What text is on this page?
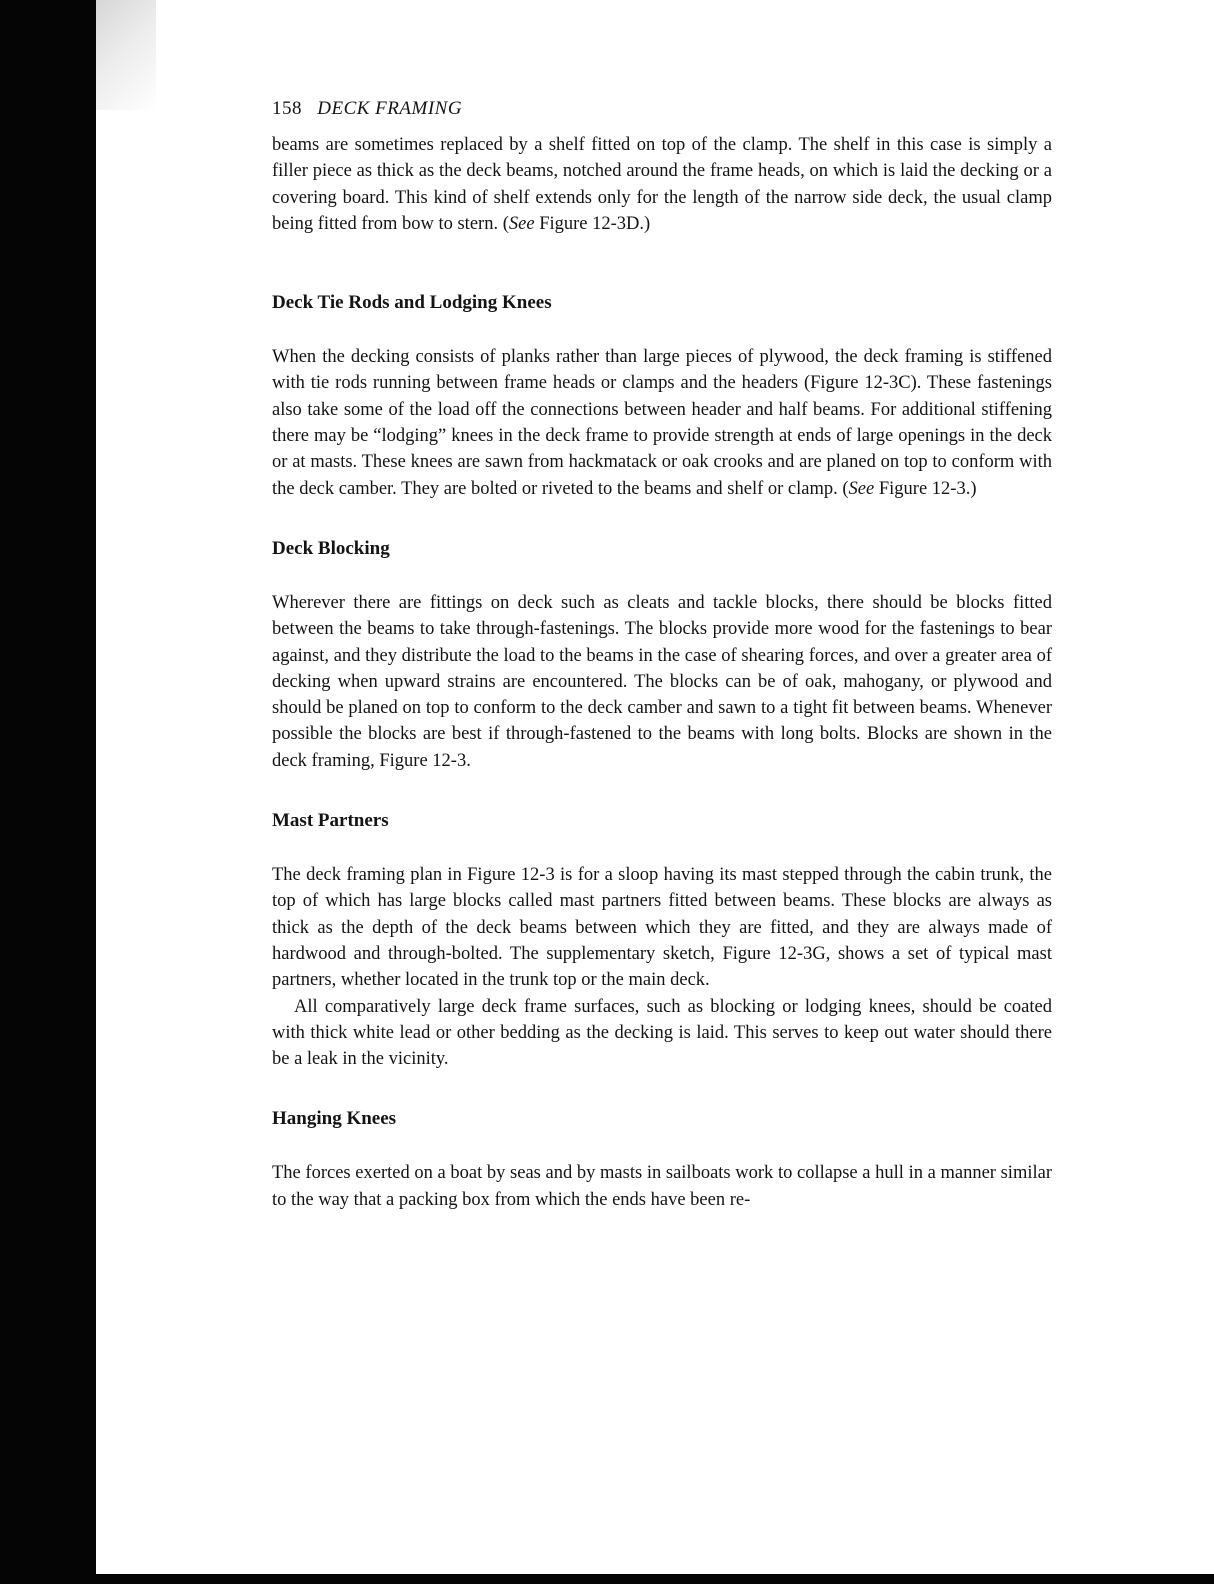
158 DECK FRAMING

beams are sometimes replaced by a shelf fitted on top of the clamp. The shelf in this case is simply a filler piece as thick as the deck beams, notched around the frame heads, on which is laid the decking or a covering board. This kind of shelf extends only for the length of the narrow side deck, the usual clamp being fitted from bow to stern. (See Figure 12-3D.)

Deck Tie Rods and Lodging Knees

When the decking consists of planks rather than large pieces of plywood, the deck framing is stiffened with tie rods running between frame heads or clamps and the headers (Figure 12-3C). These fastenings also take some of the load off the connections between header and half beams. For additional stiffening there may be “lodging” knees in the deck frame to provide strength at ends of large openings in the deck or at masts. These knees are sawn from hackmatack or oak crooks and are planed on top to conform with the deck camber. They are bolted or riveted to the beams and shelf or clamp. (See Figure 12-3.)

Deck Blocking

Wherever there are fittings on deck such as cleats and tackle blocks, there should be blocks fitted between the beams to take through-fastenings. The blocks provide more wood for the fastenings to bear against, and they distribute the load to the beams in the case of shearing forces, and over a greater area of decking when upward strains are encountered. The blocks can be of oak, mahogany, or plywood and should be planed on top to conform to the deck camber and sawn to a tight fit between beams. Whenever possible the blocks are best if through-fastened to the beams with long bolts. Blocks are shown in the deck framing, Figure 12-3.

Mast Partners

The deck framing plan in Figure 12-3 is for a sloop having its mast stepped through the cabin trunk, the top of which has large blocks called mast partners fitted between beams. These blocks are always as thick as the depth of the deck beams between which they are fitted, and they are always made of hardwood and through-bolted. The supplementary sketch, Figure 12-3G, shows a set of typical mast partners, whether located in the trunk top or the main deck.

All comparatively large deck frame surfaces, such as blocking or lodging knees, should be coated with thick white lead or other bedding as the decking is laid. This serves to keep out water should there be a leak in the vicinity.

Hanging Knees

The forces exerted on a boat by seas and by masts in sailboats work to collapse a hull in a manner similar to the way that a packing box from which the ends have been re-
